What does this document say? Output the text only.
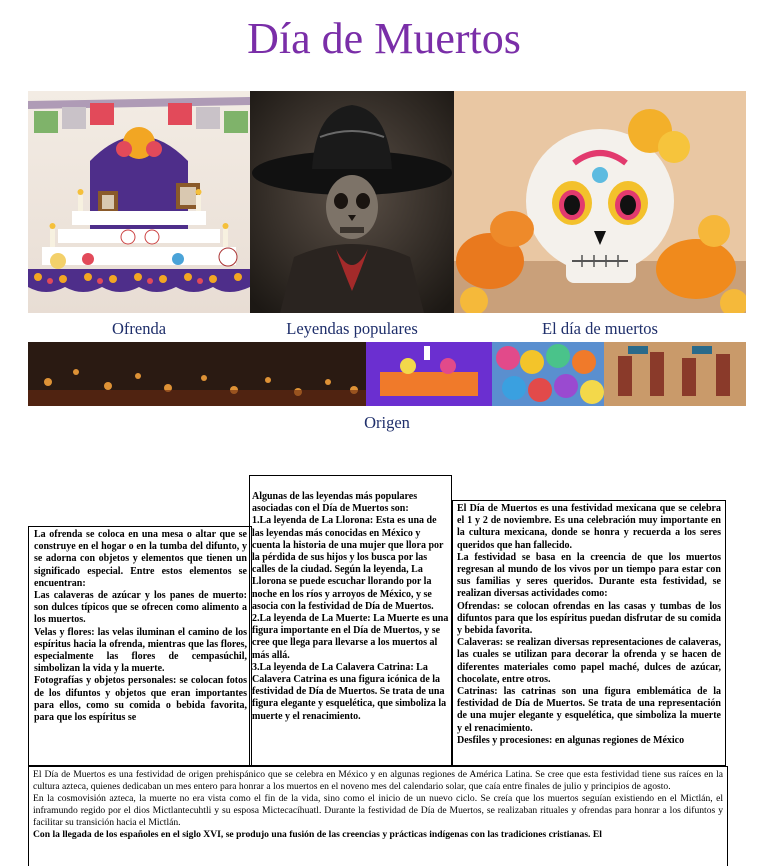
Día de Muertos
Ofrenda	Leyendas populares	El día de muertos
Origen

La ofrenda se coloca en una mesa o altar que se construye en el hogar o en la tumba del difunto, y se adorna con objetos y elementos que tienen un significado especial. Entre estos elementos se encuentran:

Las calaveras de azúcar y los panes de muerto: son dulces típicos que se ofrecen como alimento a los muertos.

Velas y flores: las velas iluminan el camino de los espíritus hacia la ofrenda, mientras que las flores, especialmente las flores de cempasúchil, simbolizan la vida y la muerte.

Fotografías y objetos personales: se colocan fotos de los difuntos y objetos que eran importantes para ellos, como su comida o bebida favorita, para que los espíritus se

Algunas de las leyendas más populares asociadas con el Día de Muertos son:

1.La leyenda de La Llorona: Esta es una de las leyendas más conocidas en México y cuenta la historia de una mujer que llora por la pérdida de sus hijos y los busca por las calles de la ciudad. Según la leyenda, La Llorona se puede escuchar llorando por la noche en los ríos y arroyos de México, y se asocia con la festividad de Día de Muertos.

2.La leyenda de La Muerte: La Muerte es una figura importante en el Día de Muertos, y se cree que llega para llevarse a los muertos al más allá.

3.La leyenda de La Calavera Catrina: La Calavera Catrina es una figura icónica de la festividad de Día de Muertos. Se trata de una figura elegante y esquelética, que simboliza la muerte y el renacimiento.

El Día de Muertos es una festividad mexicana que se celebra el 1 y 2 de noviembre. Es una celebración muy importante en la cultura mexicana, donde se honra y recuerda a los seres queridos que han fallecido.

La festividad se basa en la creencia de que los muertos regresan al mundo de los vivos por un tiempo para estar con sus familias y seres queridos. Durante esta festividad, se realizan diversas actividades como:

Ofrendas: se colocan ofrendas en las casas y tumbas de los difuntos para que los espíritus puedan disfrutar de su comida y bebida favorita.

Calaveras: se realizan diversas representaciones de calaveras, las cuales se utilizan para decorar la ofrenda y se hacen de diferentes materiales como papel maché, dulces de azúcar, chocolate, entre otros.

Catrinas: las catrinas son una figura emblemática de la festividad de Día de Muertos. Se trata de una representación de una mujer elegante y esquelética, que simboliza la muerte y el renacimiento.

Desfiles y procesiones: en algunas regiones de México

El Día de Muertos es una festividad de origen prehispánico que se celebra en México y en algunas regiones de América Latina. Se cree que esta festividad tiene sus raíces en la cultura azteca, quienes dedicaban un mes entero para honrar a los muertos en el noveno mes del calendario solar, que caía entre finales de julio y principios de agosto.

En la cosmovisión azteca, la muerte no era vista como el fin de la vida, sino como el inicio de un nuevo ciclo. Se creía que los muertos seguían existiendo en el Mictlán, el inframundo regido por el dios Mictlantecuhtli y su esposa Mictecacíhuatl. Durante la festividad de Día de Muertos, se realizaban rituales y ofrendas para honrar a los difuntos y facilitar su transición hacia el Mictlán.

Con la llegada de los españoles en el siglo XVI, se produjo una fusión de las creencias y prácticas indígenas con las tradiciones cristianas. El
